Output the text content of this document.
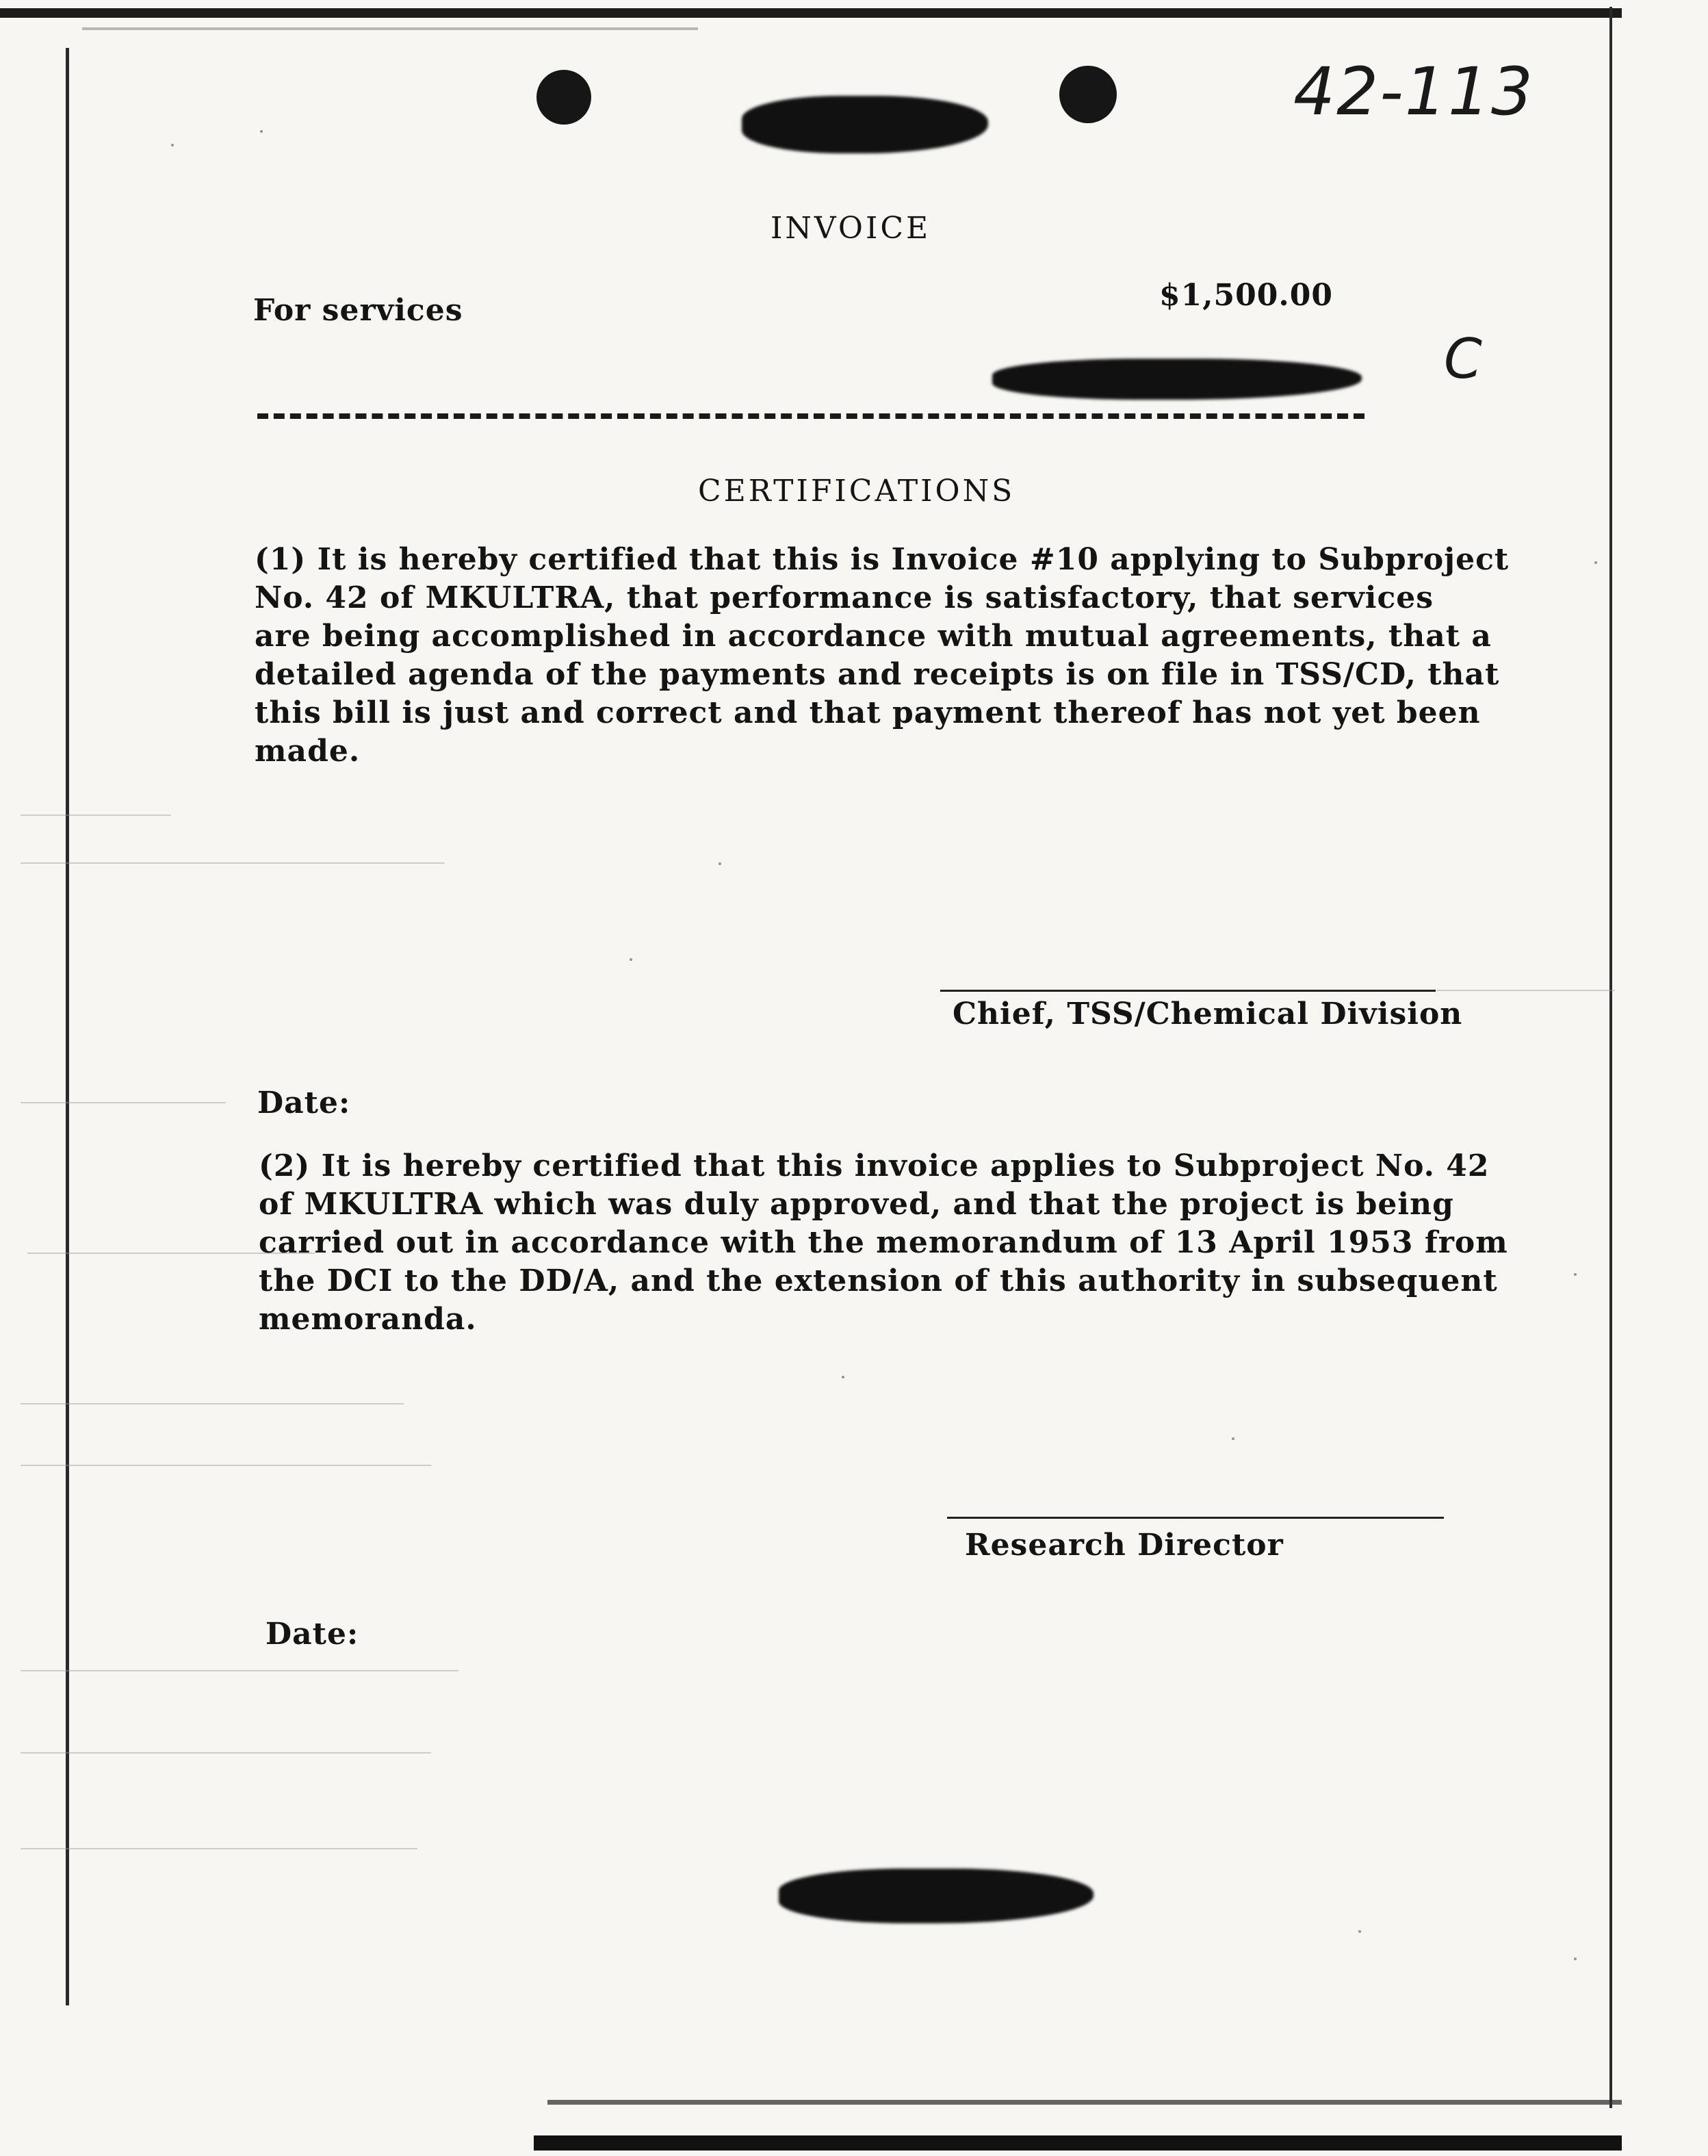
42-113
C
INVOICE
For services	$1,500.00
CERTIFICATIONS
(1) It is hereby certified that this is Invoice #10 applying to Subproject
No. 42 of MKULTRA, that performance is satisfactory, that services
are being accomplished in accordance with mutual agreements, that a
detailed agenda of the payments and receipts is on file in TSS/CD, that
this bill is just and correct and that payment thereof has not yet been
made.
Chief, TSS/Chemical Division
Date:
(2) It is hereby certified that this invoice applies to Subproject No. 42
of MKULTRA which was duly approved, and that the project is being
carried out in accordance with the memorandum of 13 April 1953 from
the DCI to the DD/A, and the extension of this authority in subsequent
memoranda.
Research Director
Date:
